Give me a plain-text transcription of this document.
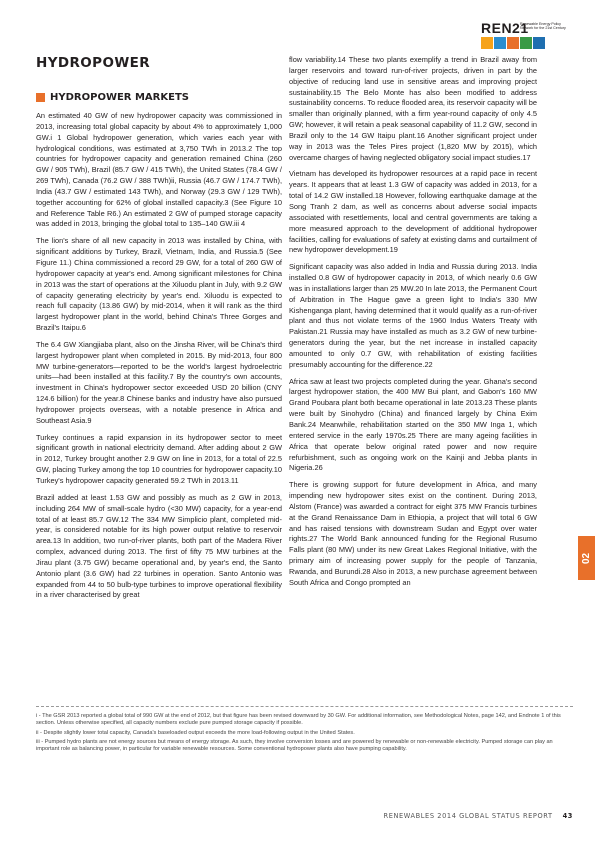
REN21
Renewable Energy Policy Network for the 21st Century
HYDROPOWER
HYDROPOWER MARKETS

An estimated 40 GW of new hydropower capacity was commissioned in 2013, increasing total global capacity by about 4% to approximately 1,000 GW.i 1 Global hydropower generation, which varies each year with hydrological conditions, was estimated at 3,750 TWh in 2013.2 The top countries for hydropower capacity and generation remained China (260 GW / 905 TWh), Brazil (85.7 GW / 415 TWh), the United States (78.4 GW / 269 TWh), Canada (76.2 GW / 388 TWh)ii, Russia (46.7 GW / 174.7 TWh), India (43.7 GW / estimated 143 TWh), and Norway (29.3 GW / 129 TWh), together accounting for 62% of global installed capacity.3 (See Figure 10 and Reference Table R6.) An estimated 2 GW of pumped storage capacity was added in 2013, bringing the global total to 135–140 GW.iii 4

The lion's share of all new capacity in 2013 was installed by China, with significant additions by Turkey, Brazil, Vietnam, India, and Russia.5 (See Figure 11.) China commissioned a record 29 GW, for a total of 260 GW of hydropower capacity at year's end. Among significant milestones for China in 2013 was the start of operations at the Xiluodu plant in July, with 9.2 GW of capacity generating electricity by year's end. Xiluodu is expected to reach full capacity (13.86 GW) by mid-2014, when it will rank as the third largest hydropower plant in the world, behind China's Three Gorges and Brazil's Itaipu.6

The 6.4 GW Xiangjiaba plant, also on the Jinsha River, will be China's third largest hydropower plant when completed in 2015. By mid-2013, four 800 MW turbine-generators—reported to be the world's largest hydroelectric units—had been installed at this facility.7 By the country's own accounts, investment in China's hydropower sector exceeded USD 20 billion (CNY 124.6 billion) for the year.8 Chinese banks and industry have also pursued hydropower projects overseas, with a notable presence in Africa and Southeast Asia.9

Turkey continues a rapid expansion in its hydropower sector to meet significant growth in national electricity demand. After adding about 2 GW in 2012, Turkey brought another 2.9 GW on line in 2013, for a total of 22.5 GW, placing Turkey among the top 10 countries for hydropower capacity.10 Turkey's hydropower capacity generated 59.2 TWh in 2013.11

Brazil added at least 1.53 GW and possibly as much as 2 GW in 2013, including 264 MW of small-scale hydro (<30 MW) capacity, for a year-end total of at least 85.7 GW.12 The 334 MW Simplicio plant, completed mid-year, is considered notable for its high power output relative to reservoir area.13 In addition, two run-of-river plants, both part of the Madera River complex, advanced during 2013. The first of fifty 75 MW turbines at the Jirau plant (3.75 GW) became operational and, by year's end, the Santo Antonio plant (3.6 GW) had 22 turbines in operation. Santo Antonio was expanded from 44 to 50 bulb-type turbines to improve operational flexibility in a river characterised by great

flow variability.14 These two plants exemplify a trend in Brazil away from larger reservoirs and toward run-of-river projects, driven in part by the objective of reducing land use in sensitive areas and improving project sustainability.15 The Belo Monte has also been modified to address sustainability concerns. To reduce flooded area, its reservoir capacity will be smaller than originally planned, with a firm year-round capacity of only 4.5 GW; however, it will retain a peak seasonal capability of 11.2 GW, second in Brazil only to the 14 GW Itaipu plant.16 Another significant project under way in 2013 was the Teles Pires project (1,820 MW by 2015), which overcame charges of having neglected obligatory social impact studies.17

Vietnam has developed its hydropower resources at a rapid pace in recent years. It appears that at least 1.3 GW of capacity was added in 2013, for a total of 14.2 GW installed.18 However, following earthquake damage at the Song Tranh 2 dam, as well as concerns about adverse social impacts associated with resettlements, local and central governments are taking a more measured approach to the development of additional hydropower facilities, calling for evaluations of safety at existing dams and curtailment of new hydropower development.19

Significant capacity was also added in India and Russia during 2013. India installed 0.8 GW of hydropower capacity in 2013, of which nearly 0.6 GW was in installations larger than 25 MW.20 In late 2013, the Permanent Court of Arbitration in The Hague gave a green light to India's 330 MW Kishenganga plant, having determined that it would qualify as a run-of-river plant and thus not violate terms of the 1960 Indus Waters Treaty with Pakistan.21 Russia may have installed as much as 3.2 GW of new turbine-generators during the year, but the net increase in installed capacity amounted to only 0.7 GW, with rehabilitation of existing facilities presumably accounting for the difference.22

Africa saw at least two projects completed during the year. Ghana's second largest hydropower station, the 400 MW Bui plant, and Gabon's 160 MW Grand Poubara plant both became operational in late 2013.23 These plants were built by Sinohydro (China) and financed largely by China Exim Bank.24 Meanwhile, rehabilitation started on the 350 MW Inga 1, which entered service in the early 1970s.25 There are many ageing facilities in Africa that operate below original rated power and now require refurbishment, such as ongoing work on the Kainji and Jebba plants in Nigeria.26

There is growing support for future development in Africa, and many impending new hydropower sites exist on the continent. During 2013, Alstom (France) was awarded a contract for eight 375 MW Francis turbines at the Grand Renaissance Dam in Ethiopia, a project that will total 6 GW and has raised tensions with downstream Sudan and Egypt over water rights.27 The World Bank announced funding for the Regional Rusumo Falls plant (80 MW) under its new Great Lakes Regional Initiative, with the primary aim of increasing power supply for the people of Tanzania, Rwanda, and Burundi.28 Also in 2013, a new purchase agreement between South Africa and Congo prompted an

02

i - The GSR 2013 reported a global total of 990 GW at the end of 2012, but that figure has been revised downward by 30 GW. For additional information, see Methodological Notes, page 142, and Endnote 1 of this section. Unless otherwise specified, all capacity numbers exclude pure pumped storage capacity if possible.

ii - Despite slightly lower total capacity, Canada's baseloaded output exceeds the more load-following output in the United States.

iii - Pumped hydro plants are not energy sources but means of energy storage. As such, they involve conversion losses and are powered by renewable or non-renewable electricity. Pumped storage can play an important role as balancing power, in particular for variable renewable resources. Some conventional hydropower plants also have pumping capability.

RENEWABLES 2014 GLOBAL STATUS REPORT 43
